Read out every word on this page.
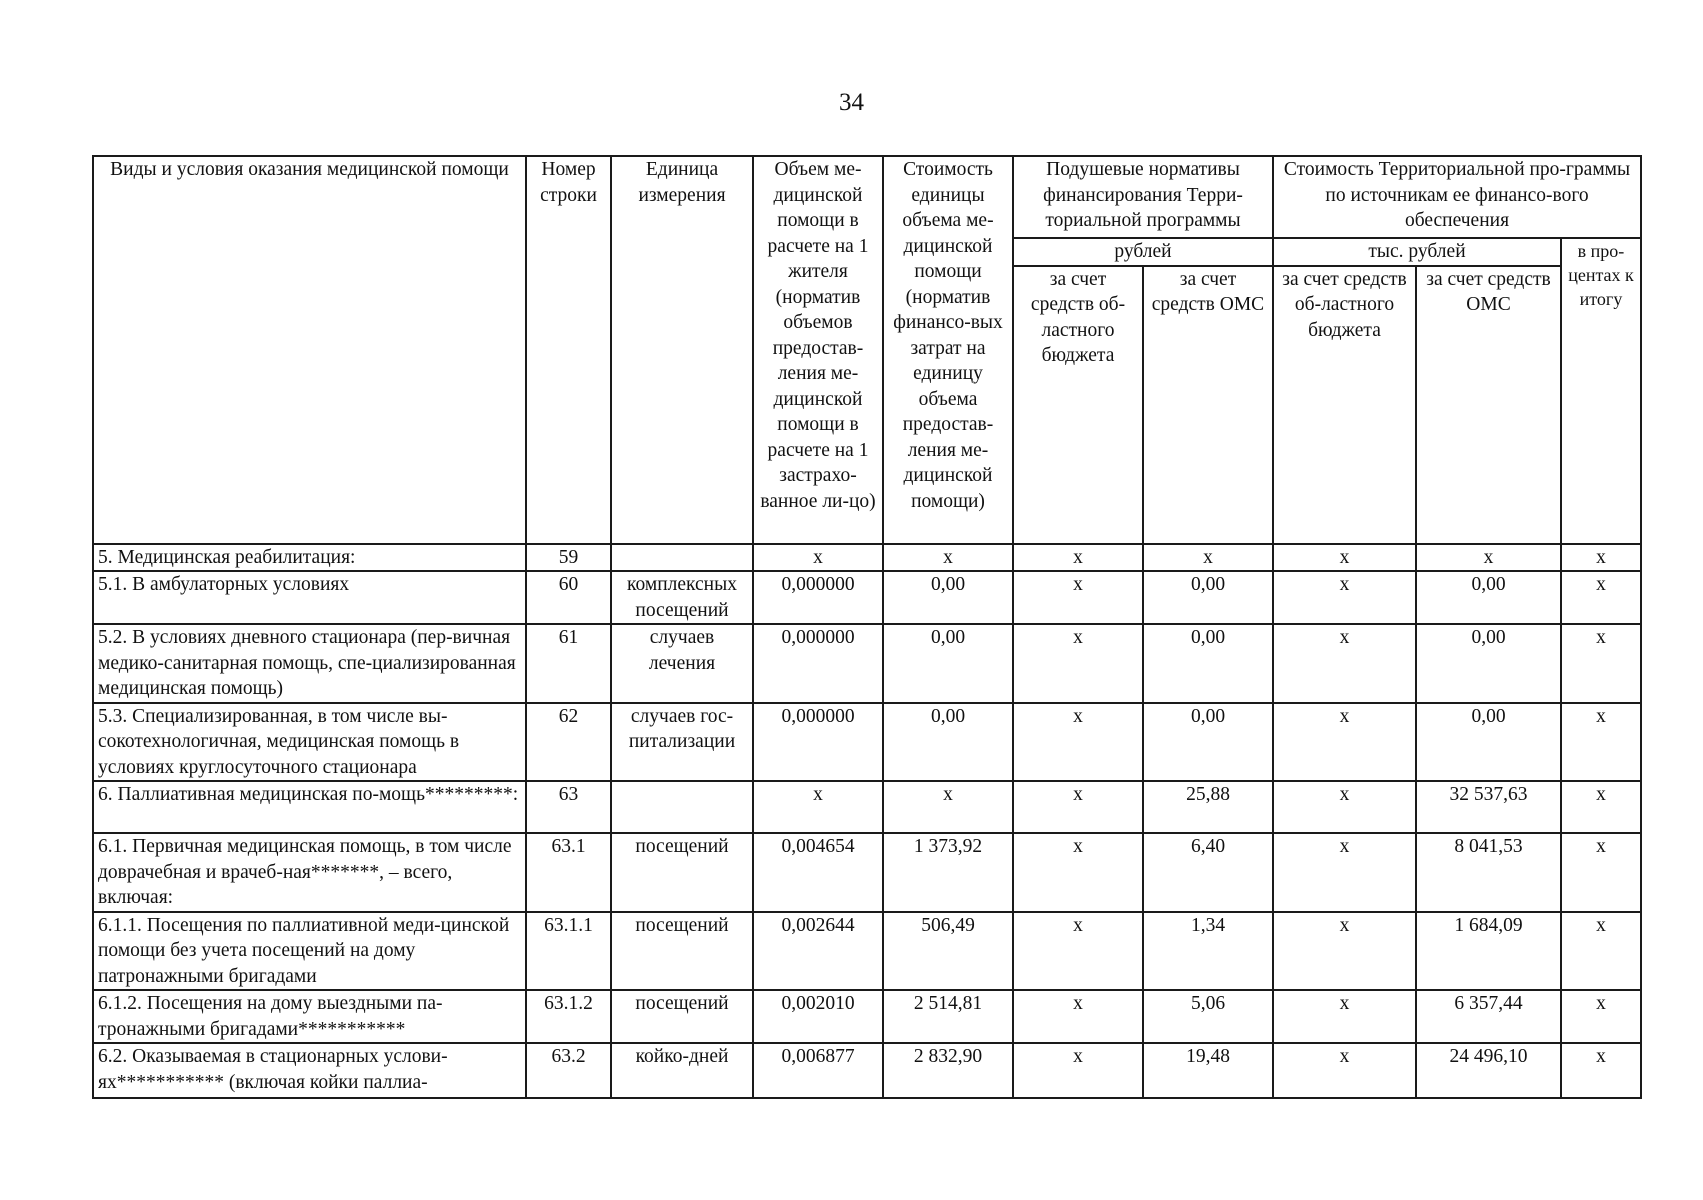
34
Виды и условия оказания медицинской помощи	Номер строки	Единица измерения	Объем ме-дицинской помощи в расчете на 1 жителя (норматив объемов предостав-ления ме-дицинской помощи в расчете на 1 застрахо-ванное ли-цо)	Стоимость единицы объема ме-дицинской помощи (норматив финансо-вых затрат на единицу объема предостав-ления ме-дицинской помощи)	Подушевые нормативы финансирования Терри-ториальной программы		Стоимость Территориальной про-граммы по источникам ее финансо-вого обеспечения		
					рублей		тыс. рублей		в про-центах к итогу
					за счет средств об-ластного бюджета	за счет средств ОМС	за счет средств об-ластного бюджета	за счет средств ОМС	
5. Медицинская реабилитация:	59		х	х	х	х	х	х	х
5.1. В амбулаторных условиях	60	комплексных посещений	0,000000	0,00	х	0,00	х	0,00	х
5.2. В условиях дневного стационара (пер-вичная медико-санитарная помощь, спе-циализированная медицинская помощь)	61	случаев лечения	0,000000	0,00	х	0,00	х	0,00	х
5.3. Специализированная, в том числе вы-сокотехнологичная, медицинская помощь в условиях круглосуточного стационара	62	случаев гос-питализации	0,000000	0,00	х	0,00	х	0,00	х
6. Паллиативная медицинская по-мощь*********:	63		х	х	х	25,88	х	32 537,63	х
6.1. Первичная медицинская помощь, в том числе доврачебная и врачеб-ная*******, – всего, включая:	63.1	посещений	0,004654	1 373,92	х	6,40	х	8 041,53	х
6.1.1. Посещения по паллиативной меди-цинской помощи без учета посещений на дому патронажными бригадами	63.1.1	посещений	0,002644	506,49	х	1,34	х	1 684,09	х
6.1.2. Посещения на дому выездными па-тронажными бригадами***********	63.1.2	посещений	0,002010	2 514,81	х	5,06	х	6 357,44	х
6.2. Оказываемая в стационарных услови-ях*********** (включая койки паллиа-	63.2	койко-дней	0,006877	2 832,90	х	19,48	х	24 496,10	х
